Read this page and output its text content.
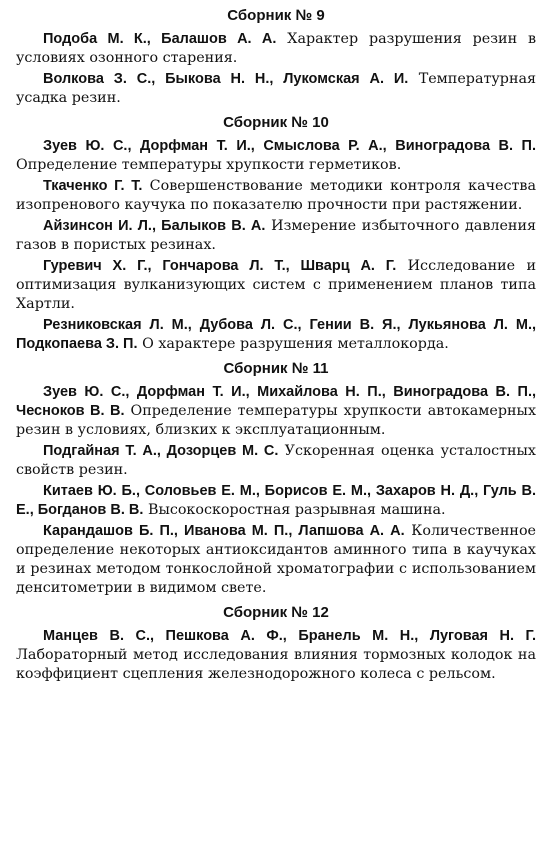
Сборник № 9
Подоба М. К., Балашов А. А. Характер разрушения резин в условиях озонного старения.
Волкова З. С., Быкова Н. Н., Лукомская А. И. Температурная усадка резин.
Сборник № 10
Зуев Ю. С., Дорфман Т. И., Смыслова Р. А., Виноградова В. П. Определение температуры хрупкости герметиков.
Ткаченко Г. Т. Совершенствование методики контроля качества изопренового каучука по показателю прочности при растяжении.
Айзинсон И. Л., Балыков В. А. Измерение избыточного давления газов в пористых резинах.
Гуревич Х. Г., Гончарова Л. Т., Шварц А. Г. Исследование и оптимизация вулканизующих систем с применением планов типа Хартли.
Резниковская Л. М., Дубова Л. С., Гении В. Я., Лукьянова Л. М., Подкопаева З. П. О характере разрушения металлокорда.
Сборник № 11
Зуев Ю. С., Дорфман Т. И., Михайлова Н. П., Виноградова В. П., Чесноков В. В. Определение температуры хрупкости автокамерных резин в условиях, близких к эксплуатационным.
Подгайная Т. А., Дозорцев М. С. Ускоренная оценка усталостных свойств резин.
Китаев Ю. Б., Соловьев Е. М., Борисов Е. М., Захаров Н. Д., Гуль В. Е., Богданов В. В. Высокоскоростная разрывная машина.
Карандашов Б. П., Иванова М. П., Лапшова А. А. Количественное определение некоторых антиоксидантов аминного типа в каучуках и резинах методом тонкослойной хроматографии с использованием денситометрии в видимом свете.
Сборник № 12
Манцев В. С., Пешкова А. Ф., Бранель М. Н., Луговая Н. Г. Лабораторный метод исследования влияния тормозных колодок на коэффициент сцепления железнодорожного колеса с рельсом.
